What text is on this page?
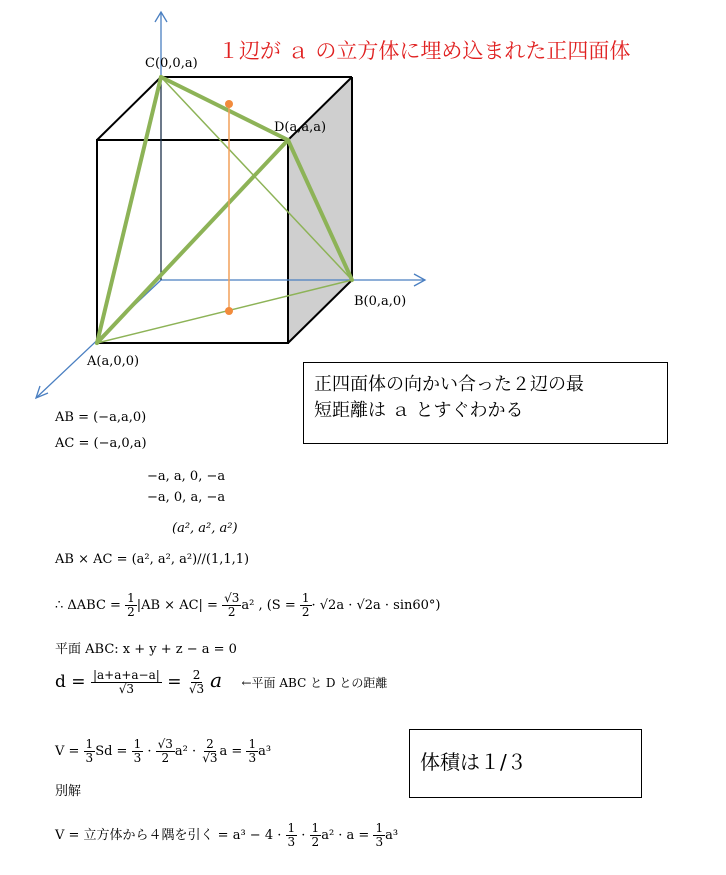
１辺が ａ の立方体に埋め込まれた正四面体
C(0,0,a)
D(a,a,a)
B(0,a,0)
A(a,0,0)
正四面体の向かい合った２辺の最
短距離は ａ とすぐわかる
体積は１/３
AB = (−a,a,0)
AC = (−a,0,a)
−a, a, 0, −a
−a, 0, a, −a
(a², a², a²)
AB × AC = (a², a², a²)//(1,1,1)
∴ $\Delta ABC = \frac{1}{2} |AB \times AC| = \frac{√3}{2} a^2$ , $(S = \frac{1}{2} \cdot √2a \cdot √2a \cdot \sin 60^\circ)$
平面 ABC: x + y + z − a = 0
$d = \frac{|a+a+a-a|}{√3} = \frac{2}{√3}$ a ←平面 ABC と D との距離
$V = \frac{1}{3}$ $Sd = \frac{1}{3} \cdot \frac{√3}{2} a^2 \cdot \frac{2}{√3}$ $a = \frac{1}{3} a^3$
別解
V = 立方体から４隅を引く = $a^3 - 4 \cdot \frac{1}{3} \cdot \frac{1}{2} a^2 \cdot a = \frac{1}{3} a^3$
